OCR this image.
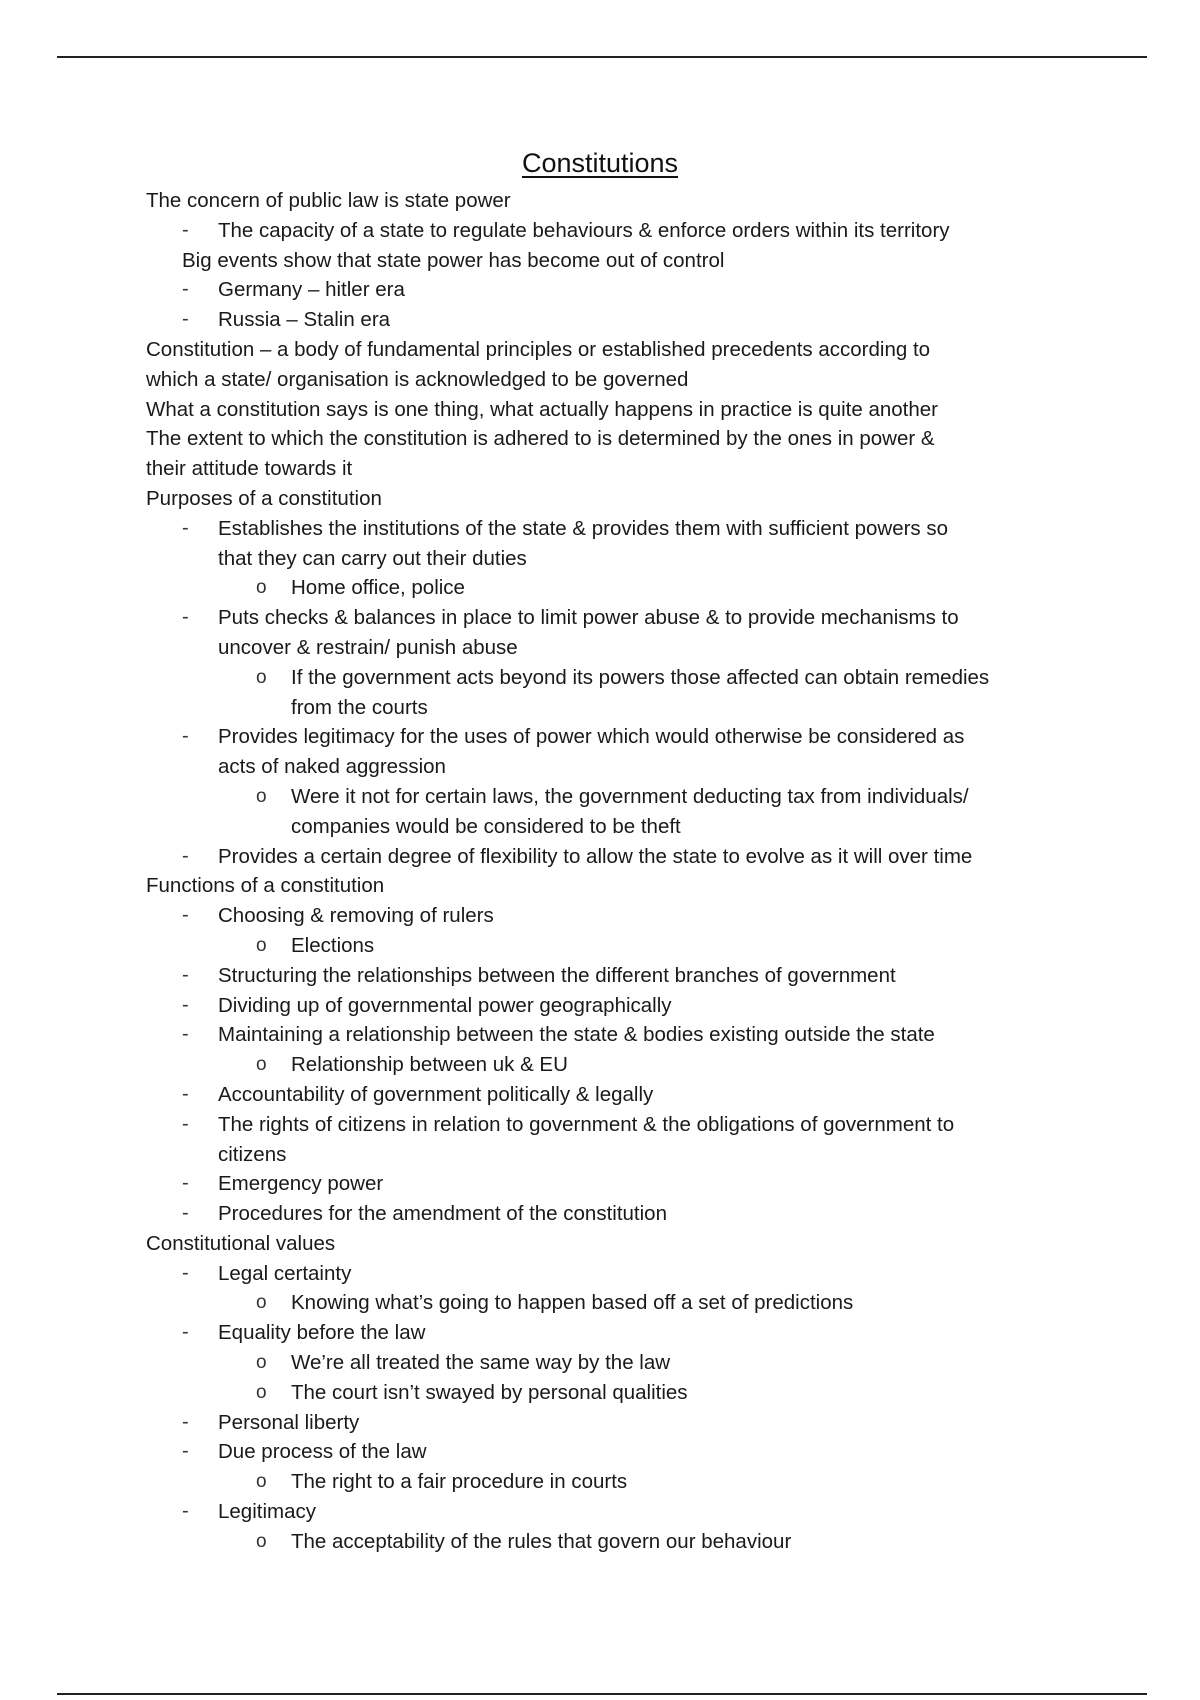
Constitutions
The concern of public law is state power
- The capacity of a state to regulate behaviours & enforce orders within its territory
Big events show that state power has become out of control
- Germany – hitler era
- Russia – Stalin era
Constitution – a body of fundamental principles or established precedents according to
which a state/ organisation is acknowledged to be governed
What a constitution says is one thing, what actually happens in practice is quite another
The extent to which the constitution is adhered to is determined by the ones in power &
their attitude towards it
Purposes of a constitution
- Establishes the institutions of the state & provides them with sufficient powers so
that they can carry out their duties
o Home office, police
- Puts checks & balances in place to limit power abuse & to provide mechanisms to
uncover & restrain/ punish abuse
o If the government acts beyond its powers those affected can obtain remedies
from the courts
- Provides legitimacy for the uses of power which would otherwise be considered as
acts of naked aggression
o Were it not for certain laws, the government deducting tax from individuals/
companies would be considered to be theft
- Provides a certain degree of flexibility to allow the state to evolve as it will over time
Functions of a constitution
- Choosing & removing of rulers
o Elections
- Structuring the relationships between the different branches of government
- Dividing up of governmental power geographically
- Maintaining a relationship between the state & bodies existing outside the state
o Relationship between uk & EU
- Accountability of government politically & legally
- The rights of citizens in relation to government & the obligations of government to
citizens
- Emergency power
- Procedures for the amendment of the constitution
Constitutional values
- Legal certainty
o Knowing what’s going to happen based off a set of predictions
- Equality before the law
o We’re all treated the same way by the law
o The court isn’t swayed by personal qualities
- Personal liberty
- Due process of the law
o The right to a fair procedure in courts
- Legitimacy
o The acceptability of the rules that govern our behaviour
